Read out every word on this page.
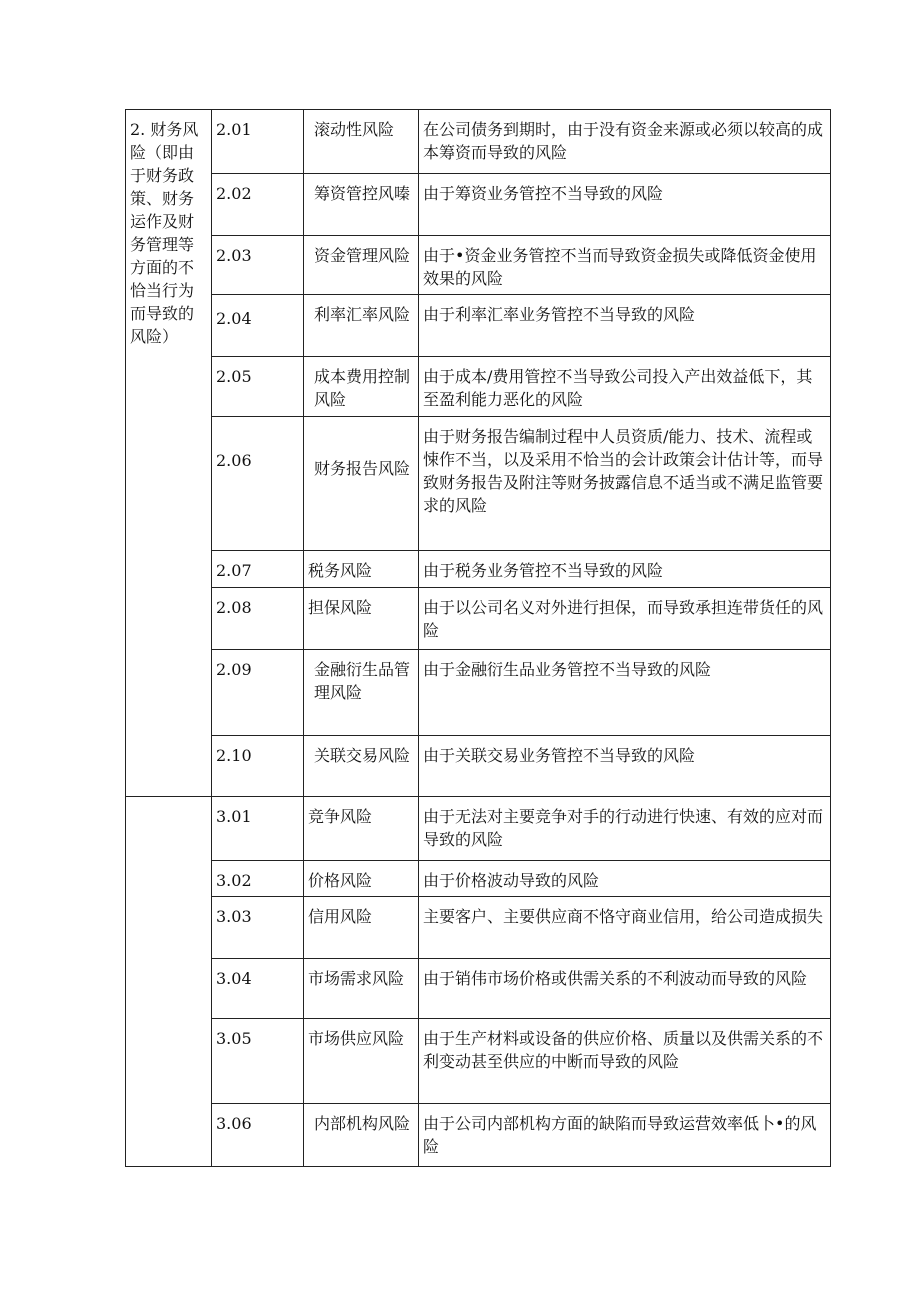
2. 财务风险（即由于财务政策、财务运作及财务管理等方面的不恰当行为而导致的风险）	2.01	滚动性风险	在公司债务到期时，由于没有资金来源或必须以较高的成本筹资而导致的风险
	2.02	筹资管控风嗪	由于筹资业务管控不当导致的风险
	2.03	资金管理风险	由于•资金业务管控不当而导致资金损失或降低资金使用效果的风险
	2.04	利率汇率风险	由于利率汇率业务管控不当导致的风险
	2.05	成本费用控制风险	由于成本/费用管控不当导致公司投入产出效益低下，其至盈利能力恶化的风险
	2.06	财务报告风险	由于财务报告编制过程中人员资质/能力、技术、流程或悚作不当，以及采用不恰当的会计政策会计估计等，而导致财务报告及附注等财务披露信息不适当或不满足监管要求的风险
	2.07	税务风险	由于税务业务管控不当导致的风险
	2.08	担保风险	由于以公司名义对外进行担保，而导致承担连带货任的风险
	2.09	金融衍生品管理风险	由于金融衍生品业务管控不当导致的风险
	2.10	关联交易风险	由于关联交易业务管控不当导致的风险
	3.01	竞争风险	由于无法对主要竞争对手的行动进行快速、有效的应对而导致的风险
	3.02	价格风险	由于价格波动导致的风险
	3.03	信用风险	主要客户、主要供应商不恪守商业信用，给公司造成损失
	3.04	市场需求风险	由于销伟市场价格或供需关系的不利波动而导致的风险
	3.05	市场供应风险	由于生产材料或设备的供应价格、质量以及供需关系的不利变动甚至供应的中断而导致的风险
	3.06	内部机构风险	由于公司内部机构方面的缺陷而导致运营效率低卜•的风险
